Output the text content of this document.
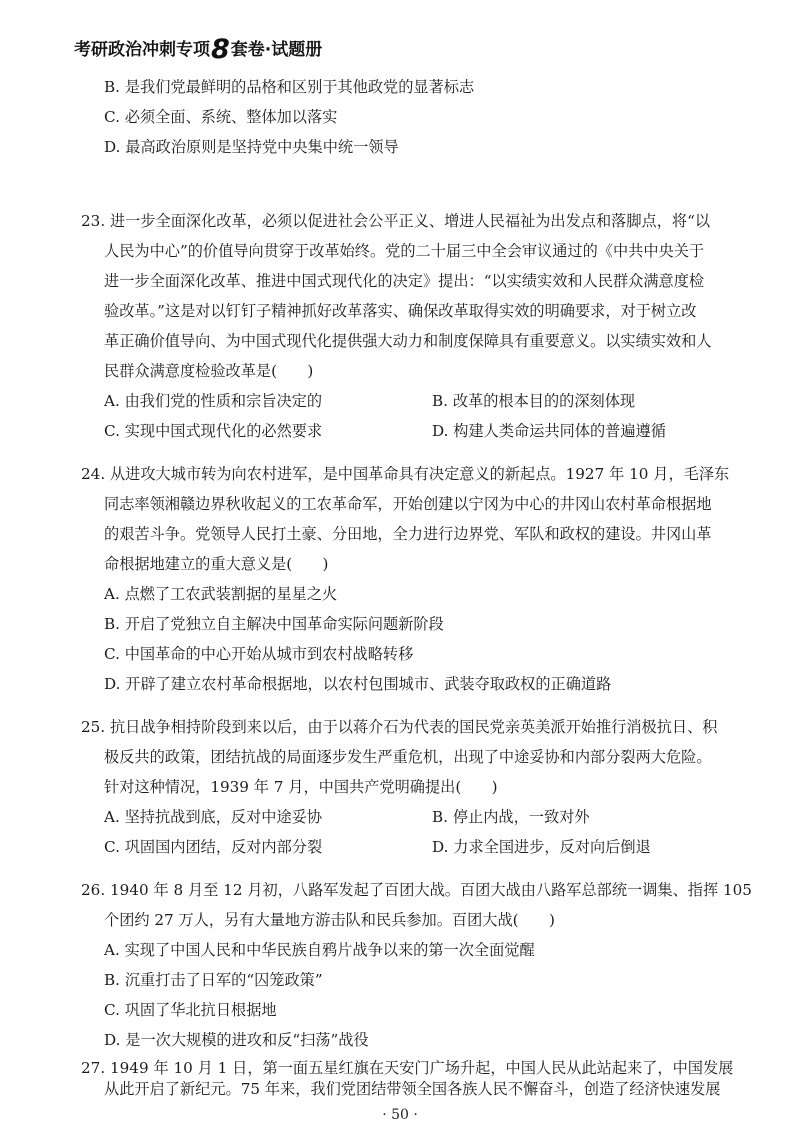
考研政治冲刺专项8套卷·试题册
B. 是我们党最鲜明的品格和区别于其他政党的显著标志
C. 必须全面、系统、整体加以落实
D. 最高政治原则是坚持党中央集中统一领导
23. 进一步全面深化改革，必须以促进社会公平正义、增进人民福祉为出发点和落脚点，将“以
人民为中心”的价值导向贯穿于改革始终。党的二十届三中全会审议通过的《中共中央关于
进一步全面深化改革、推进中国式现代化的决定》提出：“以实绩实效和人民群众满意度检
验改革。”这是对以钉钉子精神抓好改革落实、确保改革取得实效的明确要求，对于树立改
革正确价值导向、为中国式现代化提供强大动力和制度保障具有重要意义。以实绩实效和人
民群众满意度检验改革是(　　)
A. 由我们党的性质和宗旨决定的	B. 改革的根本目的的深刻体现
C. 实现中国式现代化的必然要求	D. 构建人类命运共同体的普遍遵循
24. 从进攻大城市转为向农村进军，是中国革命具有决定意义的新起点。1927 年 10 月，毛泽东
同志率领湘赣边界秋收起义的工农革命军，开始创建以宁冈为中心的井冈山农村革命根据地
的艰苦斗争。党领导人民打土豪、分田地，全力进行边界党、军队和政权的建设。井冈山革
命根据地建立的重大意义是(　　)
A. 点燃了工农武装割据的星星之火
B. 开启了党独立自主解决中国革命实际问题新阶段
C. 中国革命的中心开始从城市到农村战略转移
D. 开辟了建立农村革命根据地，以农村包围城市、武装夺取政权的正确道路
25. 抗日战争相持阶段到来以后，由于以蒋介石为代表的国民党亲英美派开始推行消极抗日、积
极反共的政策，团结抗战的局面逐步发生严重危机，出现了中途妥协和内部分裂两大危险。
针对这种情况，1939 年 7 月，中国共产党明确提出(　　)
A. 坚持抗战到底，反对中途妥协	B. 停止内战，一致对外
C. 巩固国内团结，反对内部分裂	D. 力求全国进步，反对向后倒退
26. 1940 年 8 月至 12 月初，八路军发起了百团大战。百团大战由八路军总部统一调集、指挥 105
个团约 27 万人，另有大量地方游击队和民兵参加。百团大战(　　)
A. 实现了中国人民和中华民族自鸦片战争以来的第一次全面觉醒
B. 沉重打击了日军的“囚笼政策”
C. 巩固了华北抗日根据地
D. 是一次大规模的进攻和反“扫荡”战役
27. 1949 年 10 月 1 日，第一面五星红旗在天安门广场升起，中国人民从此站起来了，中国发展
· 50 ·
从此开启了新纪元。75 年来，我们党团结带领全国各族人民不懈奋斗，创造了经济快速发展
